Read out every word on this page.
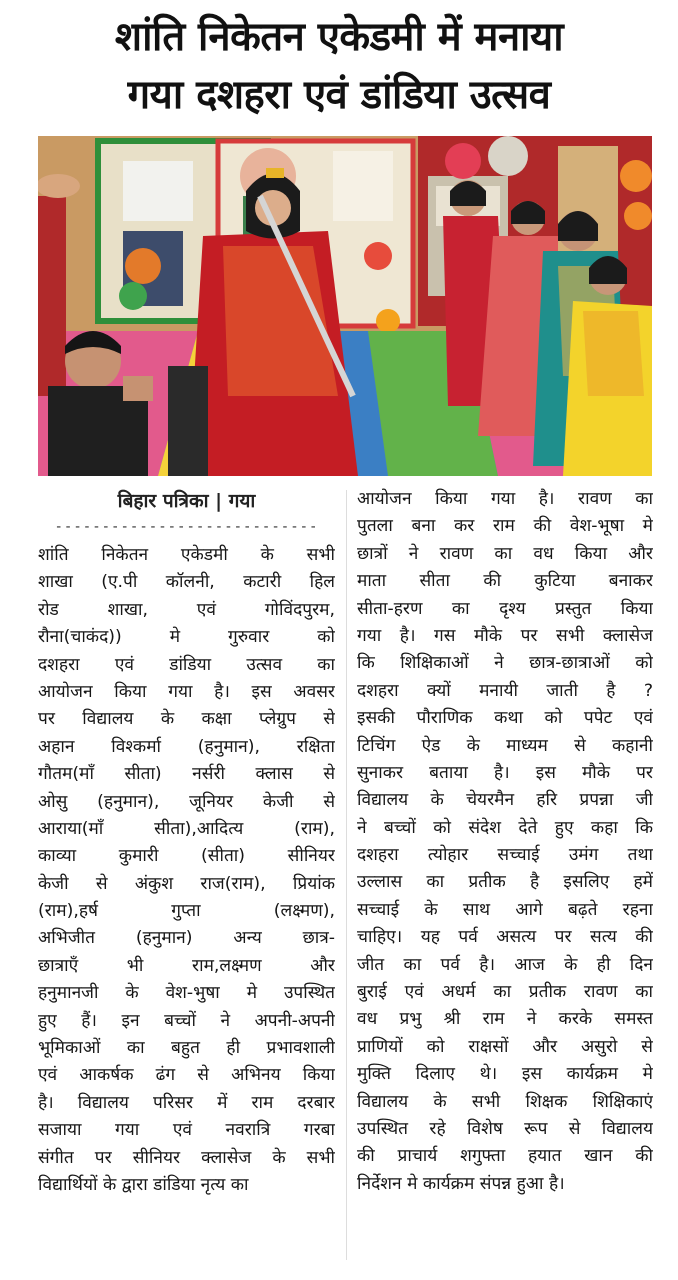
शांति निकेतन एकेडमी में मनाया
गया दशहरा एवं डांडिया उत्सव
बिहार पत्रिका | गया
----------------------------
शांति निकेतन एकेडमी के सभी
शाखा (ए.पी कॉलनी, कटारी हिल
रोड शाखा, एवं गोविंदपुरम,
रौना(चाकंद)) मे गुरुवार को
दशहरा एवं डांडिया उत्सव का
आयोजन किया गया है। इस अवसर
पर विद्यालय के कक्षा प्लेग्रुप से
अहान विश्कर्मा (हनुमान), रक्षिता
गौतम(माँ सीता) नर्सरी क्लास से
ओसु (हनुमान), जूनियर केजी से
आराया(माँ सीता),आदित्य (राम),
काव्या कुमारी (सीता) सीनियर
केजी से अंकुश राज(राम), प्रियांक
(राम),हर्ष गुप्ता (लक्ष्मण),
अभिजीत (हनुमान) अन्य छात्र-
छात्राएँ भी राम,लक्ष्मण और
हनुमानजी के वेश-भुषा मे उपस्थित
हुए हैं। इन बच्चों ने अपनी-अपनी
भूमिकाओं का बहुत ही प्रभावशाली
एवं आकर्षक ढंग से अभिनय किया
है। विद्यालय परिसर में राम दरबार
सजाया गया एवं नवरात्रि गरबा
संगीत पर सीनियर क्लासेज के सभी
विद्यार्थियों के द्वारा डांडिया नृत्य का
आयोजन किया गया है। रावण का
पुतला बना कर राम की वेश-भूषा मे
छात्रों ने रावण का वध किया और
माता सीता की कुटिया बनाकर
सीता-हरण का दृश्य प्रस्तुत किया
गया है। गस मौके पर सभी क्लासेज
कि शिक्षिकाओं ने छात्र-छात्राओं को
दशहरा क्यों मनायी जाती है ?
इसकी पौराणिक कथा को पपेट एवं
टिचिंग ऐड के माध्यम से कहानी
सुनाकर बताया है। इस मौके पर
विद्यालय के चेयरमैन हरि प्रपन्ना जी
ने बच्चों को संदेश देते हुए कहा कि
दशहरा त्योहार सच्चाई उमंग तथा
उल्लास का प्रतीक है इसलिए हमें
सच्चाई के साथ आगे बढ़ते रहना
चाहिए। यह पर्व असत्य पर सत्य की
जीत का पर्व है। आज के ही दिन
बुराई एवं अधर्म का प्रतीक रावण का
वध प्रभु श्री राम ने करके समस्त
प्राणियों को राक्षसों और असुरो से
मुक्ति दिलाए थे। इस कार्यक्रम मे
विद्यालय के सभी शिक्षक शिक्षिकाएं
उपस्थित रहे विशेष रूप से विद्यालय
की प्राचार्य शगुफ्ता हयात खान की
निर्देशन मे कार्यक्रम संपन्न हुआ है।
